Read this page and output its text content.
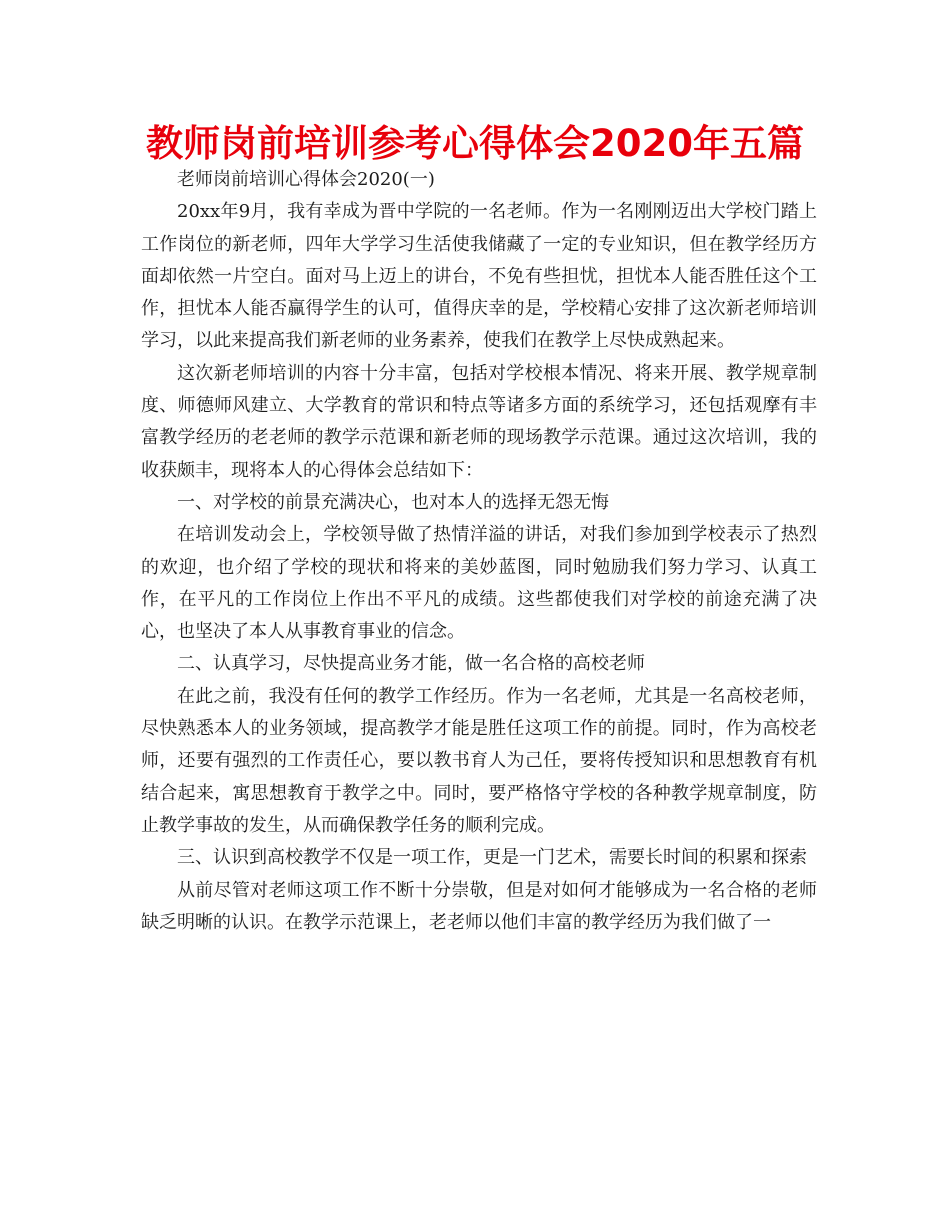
教师岗前培训参考心得体会2020年五篇

老师岗前培训心得体会2020(一)

20xx年9月，我有幸成为晋中学院的一名老师。作为一名刚刚迈出大学校门踏上工作岗位的新老师，四年大学学习生活使我储藏了一定的专业知识，但在教学经历方面却依然一片空白。面对马上迈上的讲台，不免有些担忧，担忧本人能否胜任这个工作，担忧本人能否赢得学生的认可，值得庆幸的是，学校精心安排了这次新老师培训学习，以此来提高我们新老师的业务素养，使我们在教学上尽快成熟起来。

这次新老师培训的内容十分丰富，包括对学校根本情况、将来开展、教学规章制度、师德师风建立、大学教育的常识和特点等诸多方面的系统学习，还包括观摩有丰富教学经历的老老师的教学示范课和新老师的现场教学示范课。通过这次培训，我的收获颇丰，现将本人的心得体会总结如下：

一、对学校的前景充满决心，也对本人的选择无怨无悔

在培训发动会上，学校领导做了热情洋溢的讲话，对我们参加到学校表示了热烈的欢迎，也介绍了学校的现状和将来的美妙蓝图，同时勉励我们努力学习、认真工作，在平凡的工作岗位上作出不平凡的成绩。这些都使我们对学校的前途充满了决心，也坚决了本人从事教育事业的信念。

二、认真学习，尽快提高业务才能，做一名合格的高校老师

在此之前，我没有任何的教学工作经历。作为一名老师，尤其是一名高校老师，尽快熟悉本人的业务领域，提高教学才能是胜任这项工作的前提。同时，作为高校老师，还要有强烈的工作责任心，要以教书育人为己任，要将传授知识和思想教育有机结合起来，寓思想教育于教学之中。同时，要严格恪守学校的各种教学规章制度，防止教学事故的发生，从而确保教学任务的顺利完成。

三、认识到高校教学不仅是一项工作，更是一门艺术，需要长时间的积累和探索

从前尽管对老师这项工作不断十分崇敬，但是对如何才能够成为一名合格的老师缺乏明晰的认识。在教学示范课上，老老师以他们丰富的教学经历为我们做了一
